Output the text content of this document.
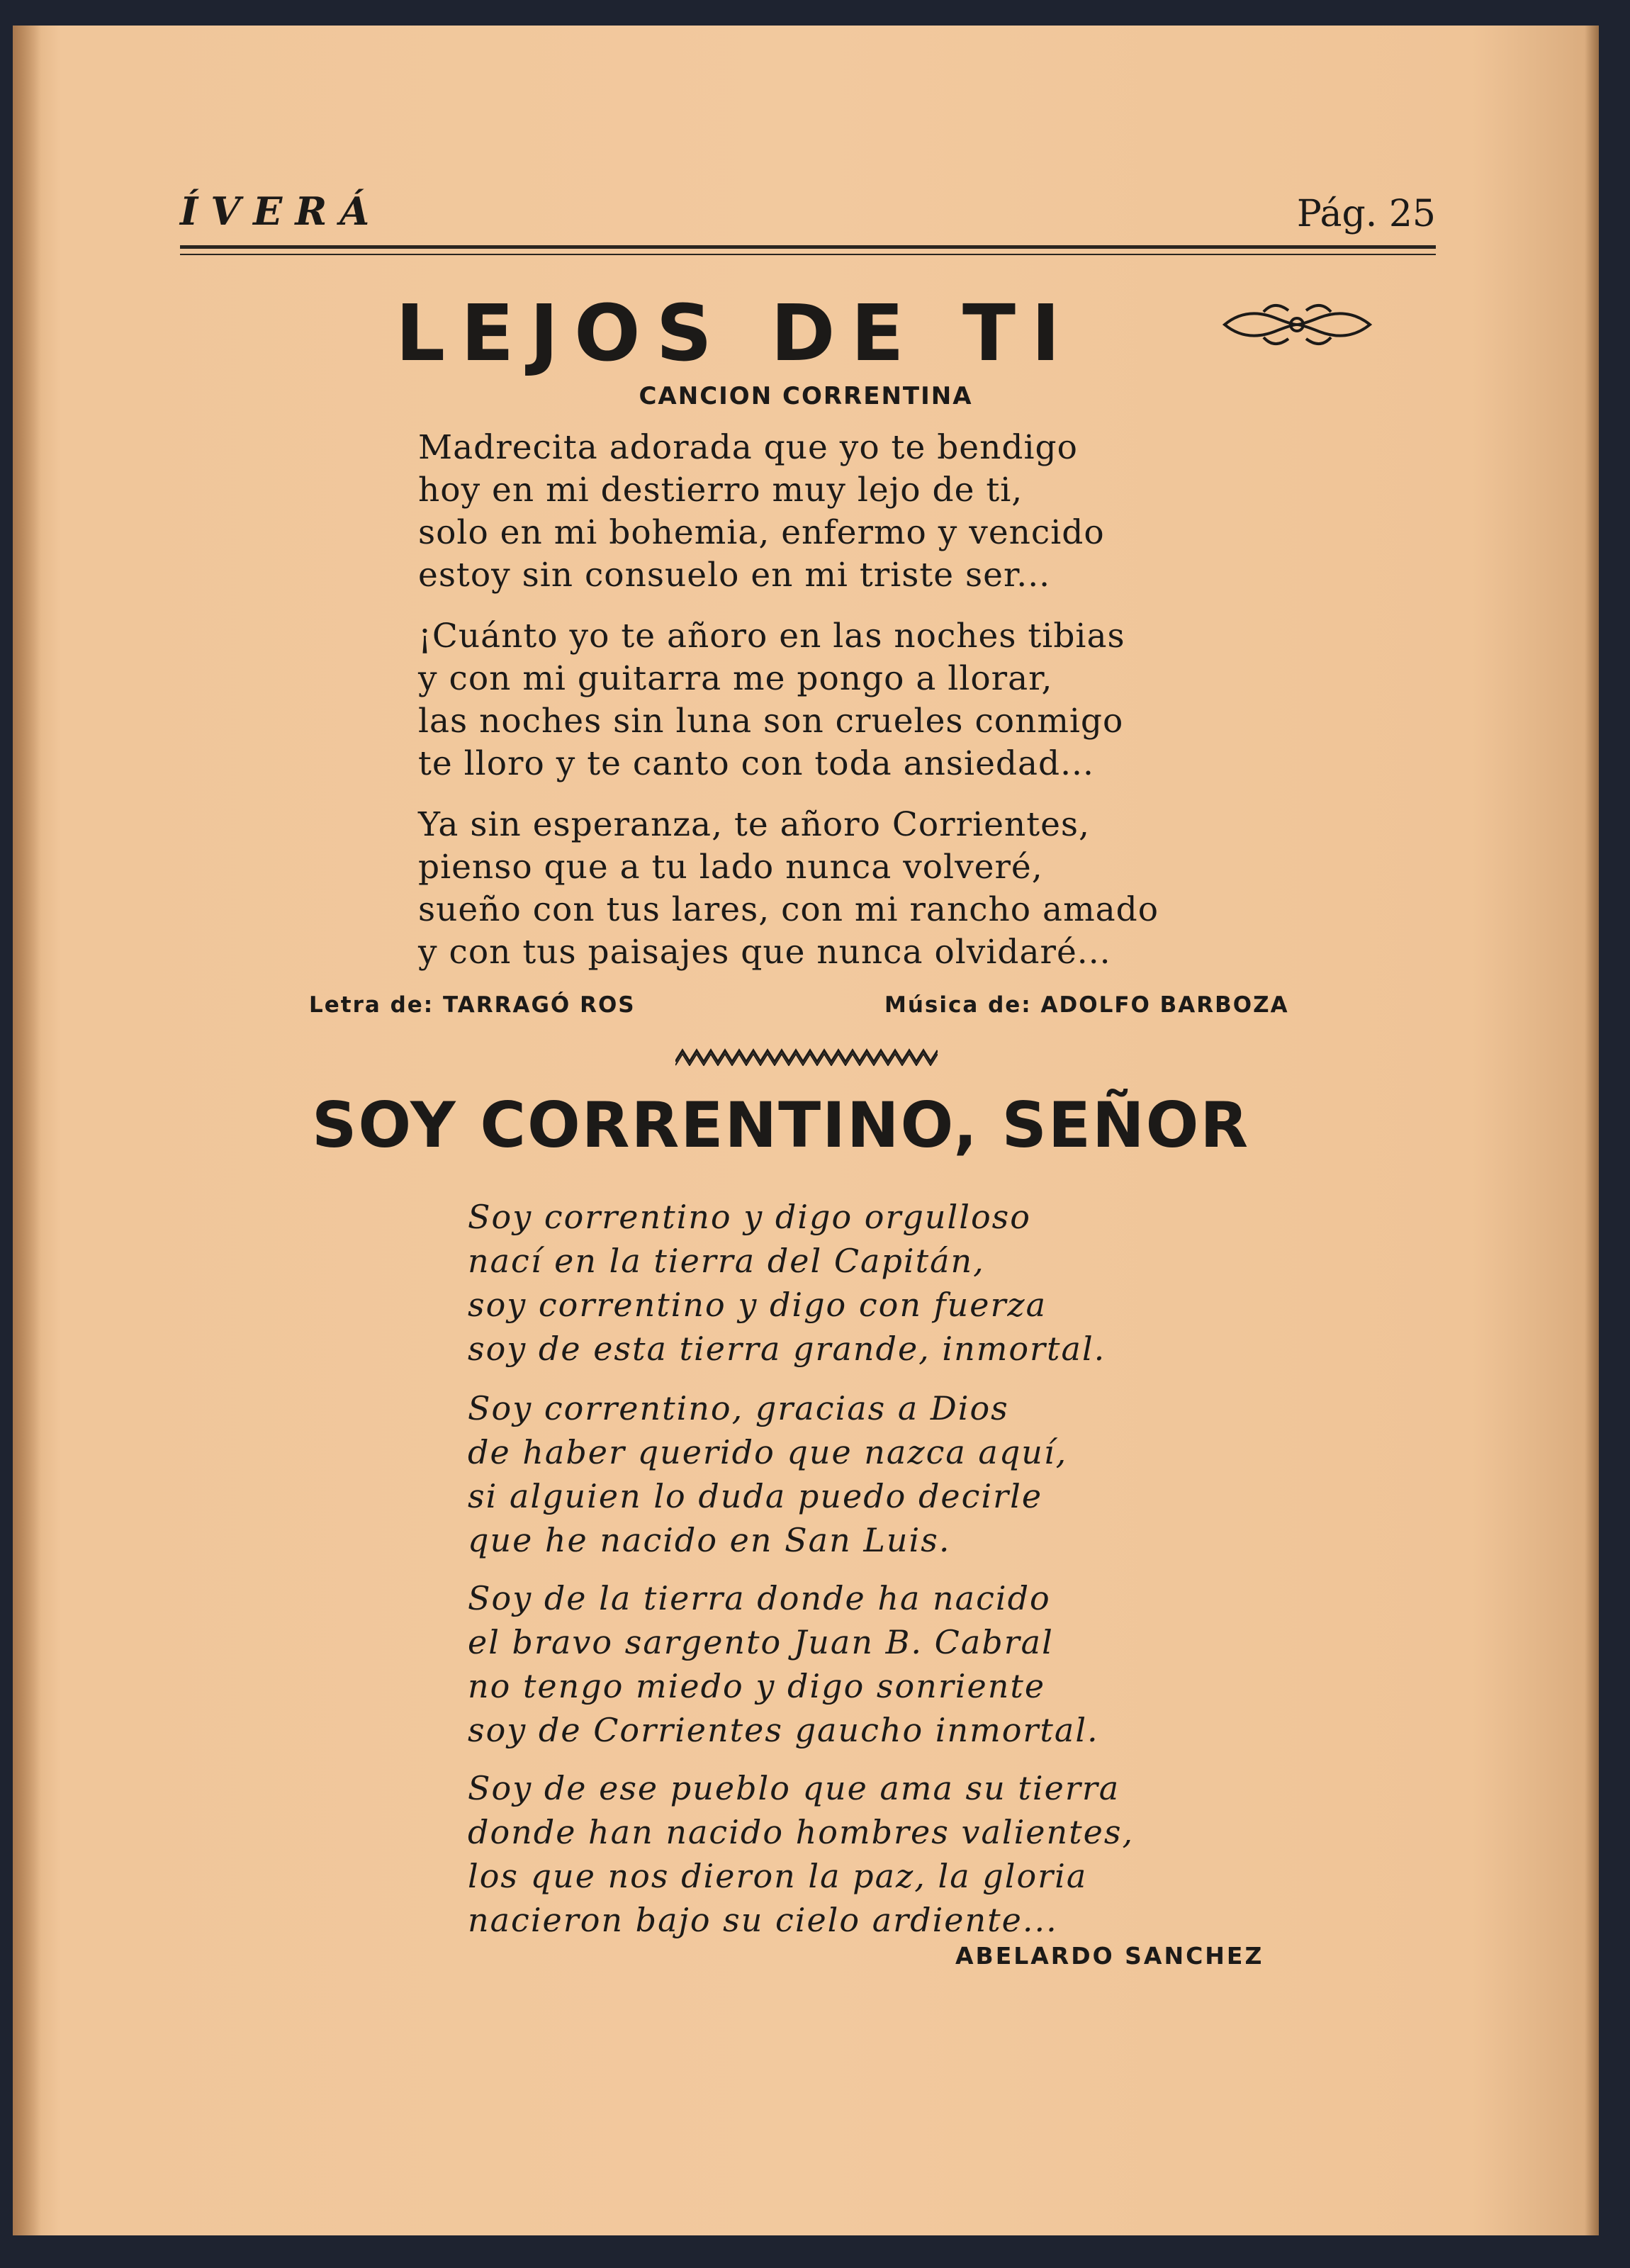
ÍVERÁ	Pág. 25
LEJOS DE TI
CANCION CORRENTINA
Madrecita adorada que yo te bendigo
hoy en mi destierro muy lejo de ti,
solo en mi bohemia, enfermo y vencido
estoy sin consuelo en mi triste ser...
¡Cuánto yo te añoro en las noches tibias
y con mi guitarra me pongo a llorar,
las noches sin luna son crueles conmigo
te lloro y te canto con toda ansiedad...
Ya sin esperanza, te añoro Corrientes,
pienso que a tu lado nunca volveré,
sueño con tus lares, con mi rancho amado
y con tus paisajes que nunca olvidaré...
Letra de: TARRAGÓ ROS	Música de: ADOLFO BARBOZA
SOY CORRENTINO, SEÑOR
Soy correntino y digo orgulloso
nací en la tierra del Capitán,
soy correntino y digo con fuerza
soy de esta tierra grande, inmortal.
Soy correntino, gracias a Dios
de haber querido que nazca aquí,
si alguien lo duda puedo decirle
que he nacido en San Luis.
Soy de la tierra donde ha nacido
el bravo sargento Juan B. Cabral
no tengo miedo y digo sonriente
soy de Corrientes gaucho inmortal.
Soy de ese pueblo que ama su tierra
donde han nacido hombres valientes,
los que nos dieron la paz, la gloria
nacieron bajo su cielo ardiente...
ABELARDO SANCHEZ
